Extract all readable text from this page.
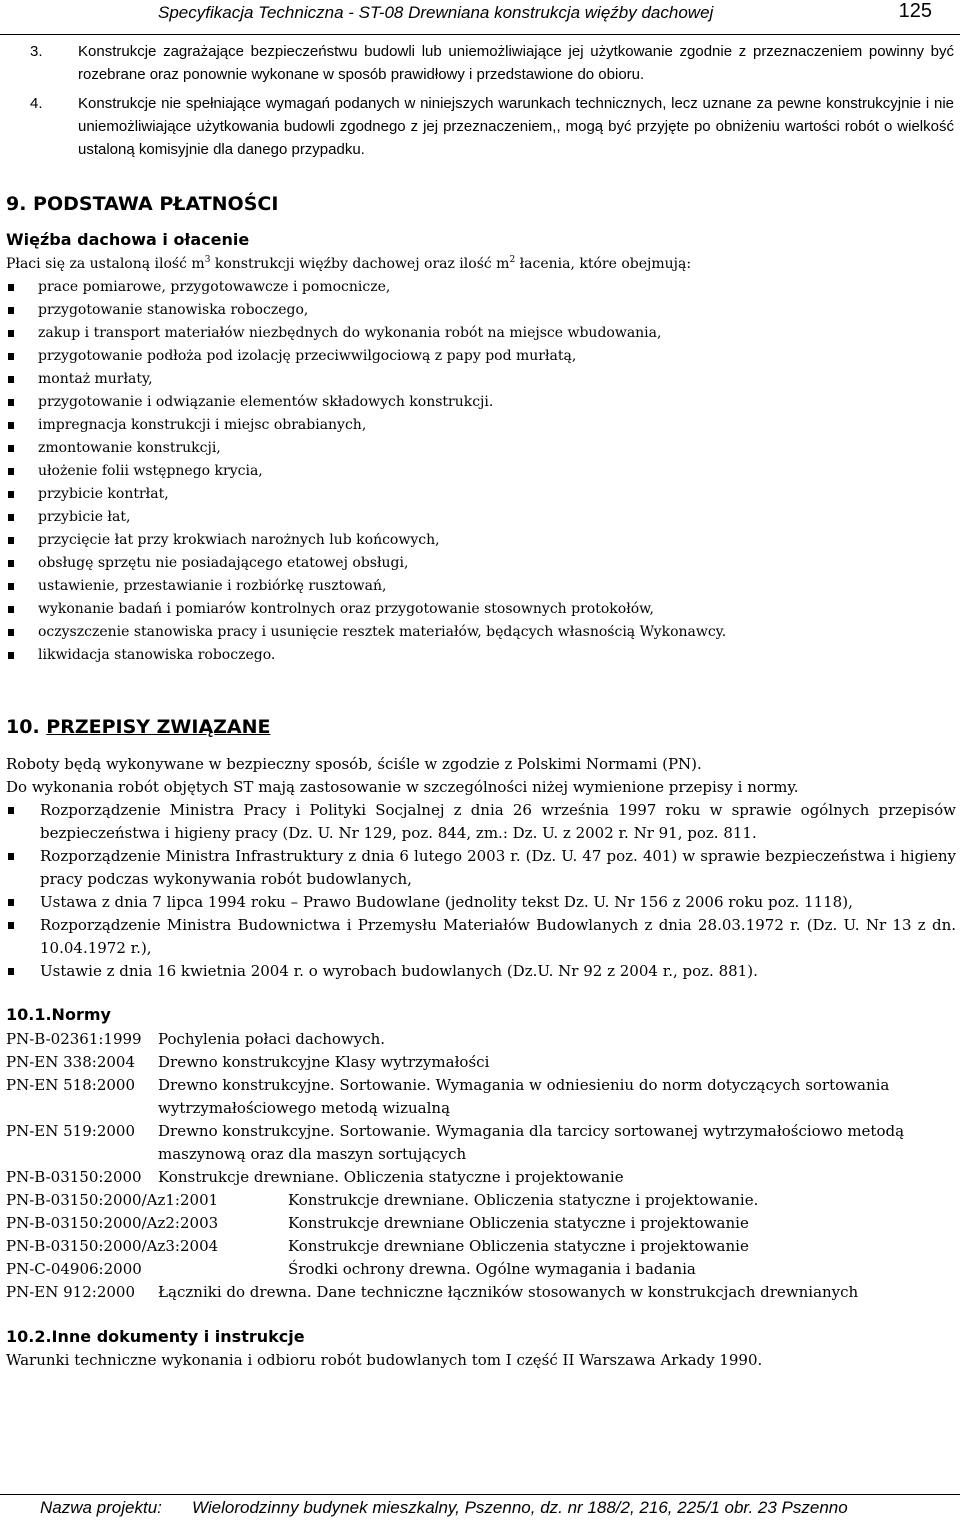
Specyfikacja Techniczna - ST-08 Drewniana konstrukcja więźby dachowej	125
3. Konstrukcje zagrażające bezpieczeństwu budowli lub uniemożliwiające jej użytkowanie zgodnie z przeznaczeniem powinny być rozebrane oraz ponownie wykonane w sposób prawidłowy i przedstawione do obioru.
4. Konstrukcje nie spełniające wymagań podanych w niniejszych warunkach technicznych, lecz uznane za pewne konstrukcyjnie i nie uniemożliwiające użytkowania budowli zgodnego z jej przeznaczeniem,, mogą być przyjęte po obniżeniu wartości robót o wielkość ustaloną komisyjnie dla danego przypadku.
9. PODSTAWA PŁATNOŚCI
Więźba dachowa i ołacenie
Płaci się za ustaloną ilość $m^3$ konstrukcji więźby dachowej oraz ilość $m^2$ łacenia, które obejmują:
prace pomiarowe, przygotowawcze i pomocnicze,
przygotowanie stanowiska roboczego,
zakup i transport materiałów niezbędnych do wykonania robót na miejsce wbudowania,
przygotowanie podłoża pod izolację przeciwwilgociową z papy pod murłatą,
montaż murłaty,
przygotowanie i odwiązanie elementów składowych konstrukcji.
impregnacja konstrukcji i miejsc obrabianych,
zmontowanie konstrukcji,
ułożenie folii wstępnego krycia,
przybicie kontrłat,
przybicie łat,
przycięcie łat przy krokwiach narożnych lub końcowych,
obsługę sprzętu nie posiadającego etatowej obsługi,
ustawienie, przestawianie i rozbiórkę rusztowań,
wykonanie badań i pomiarów kontrolnych oraz przygotowanie stosownych protokołów,
oczyszczenie stanowiska pracy i usunięcie resztek materiałów, będących własnością Wykonawcy.
likwidacja stanowiska roboczego.
10. PRZEPISY ZWIĄZANE
Roboty będą wykonywane w bezpieczny sposób, ściśle w zgodzie z Polskimi Normami (PN).
Do wykonania robót objętych ST mają zastosowanie w szczególności niżej wymienione przepisy i normy.
Rozporządzenie Ministra Pracy i Polityki Socjalnej z dnia 26 września 1997 roku w sprawie ogólnych przepisów bezpieczeństwa i higieny pracy (Dz. U. Nr 129, poz. 844, zm.: Dz. U. z 2002 r. Nr 91, poz. 811.
Rozporządzenie Ministra Infrastruktury z dnia 6 lutego 2003 r. (Dz. U. 47 poz. 401) w sprawie bezpieczeństwa i higieny pracy podczas wykonywania robót budowlanych,
Ustawa z dnia 7 lipca 1994 roku – Prawo Budowlane (jednolity tekst Dz. U. Nr 156 z 2006 roku poz. 1118),
Rozporządzenie Ministra Budownictwa i Przemysłu Materiałów Budowlanych z dnia 28.03.1972 r. (Dz. U. Nr 13 z dn. 10.04.1972 r.),
Ustawie z dnia 16 kwietnia 2004 r. o wyrobach budowlanych (Dz.U. Nr 92 z 2004 r., poz. 881).
10.1.Normy
PN-B-02361:1999 Pochylenia połaci dachowych.
PN-EN 338:2004 Drewno konstrukcyjne Klasy wytrzymałości
PN-EN 518:2000 Drewno konstrukcyjne. Sortowanie. Wymagania w odniesieniu do norm dotyczących sortowania wytrzymałościowego metodą wizualną
PN-EN 519:2000 Drewno konstrukcyjne. Sortowanie. Wymagania dla tarcicy sortowanej wytrzymałościowo metodą maszynową oraz dla maszyn sortujących
PN-B-03150:2000 Konstrukcje drewniane. Obliczenia statyczne i projektowanie
PN-B-03150:2000/Az1:2001	Konstrukcje drewniane. Obliczenia statyczne i projektowanie.
PN-B-03150:2000/Az2:2003	Konstrukcje drewniane Obliczenia statyczne i projektowanie
PN-B-03150:2000/Az3:2004	Konstrukcje drewniane Obliczenia statyczne i projektowanie
PN-C-04906:2000	Środki ochrony drewna. Ogólne wymagania i badania
PN-EN 912:2000 Łączniki do drewna. Dane techniczne łączników stosowanych w konstrukcjach drewnianych
10.2.Inne dokumenty i instrukcje
Warunki techniczne wykonania i odbioru robót budowlanych tom I część II Warszawa Arkady 1990.
Nazwa projektu: Wielorodzinny budynek mieszkalny, Pszenno, dz. nr 188/2, 216, 225/1 obr. 23 Pszenno
